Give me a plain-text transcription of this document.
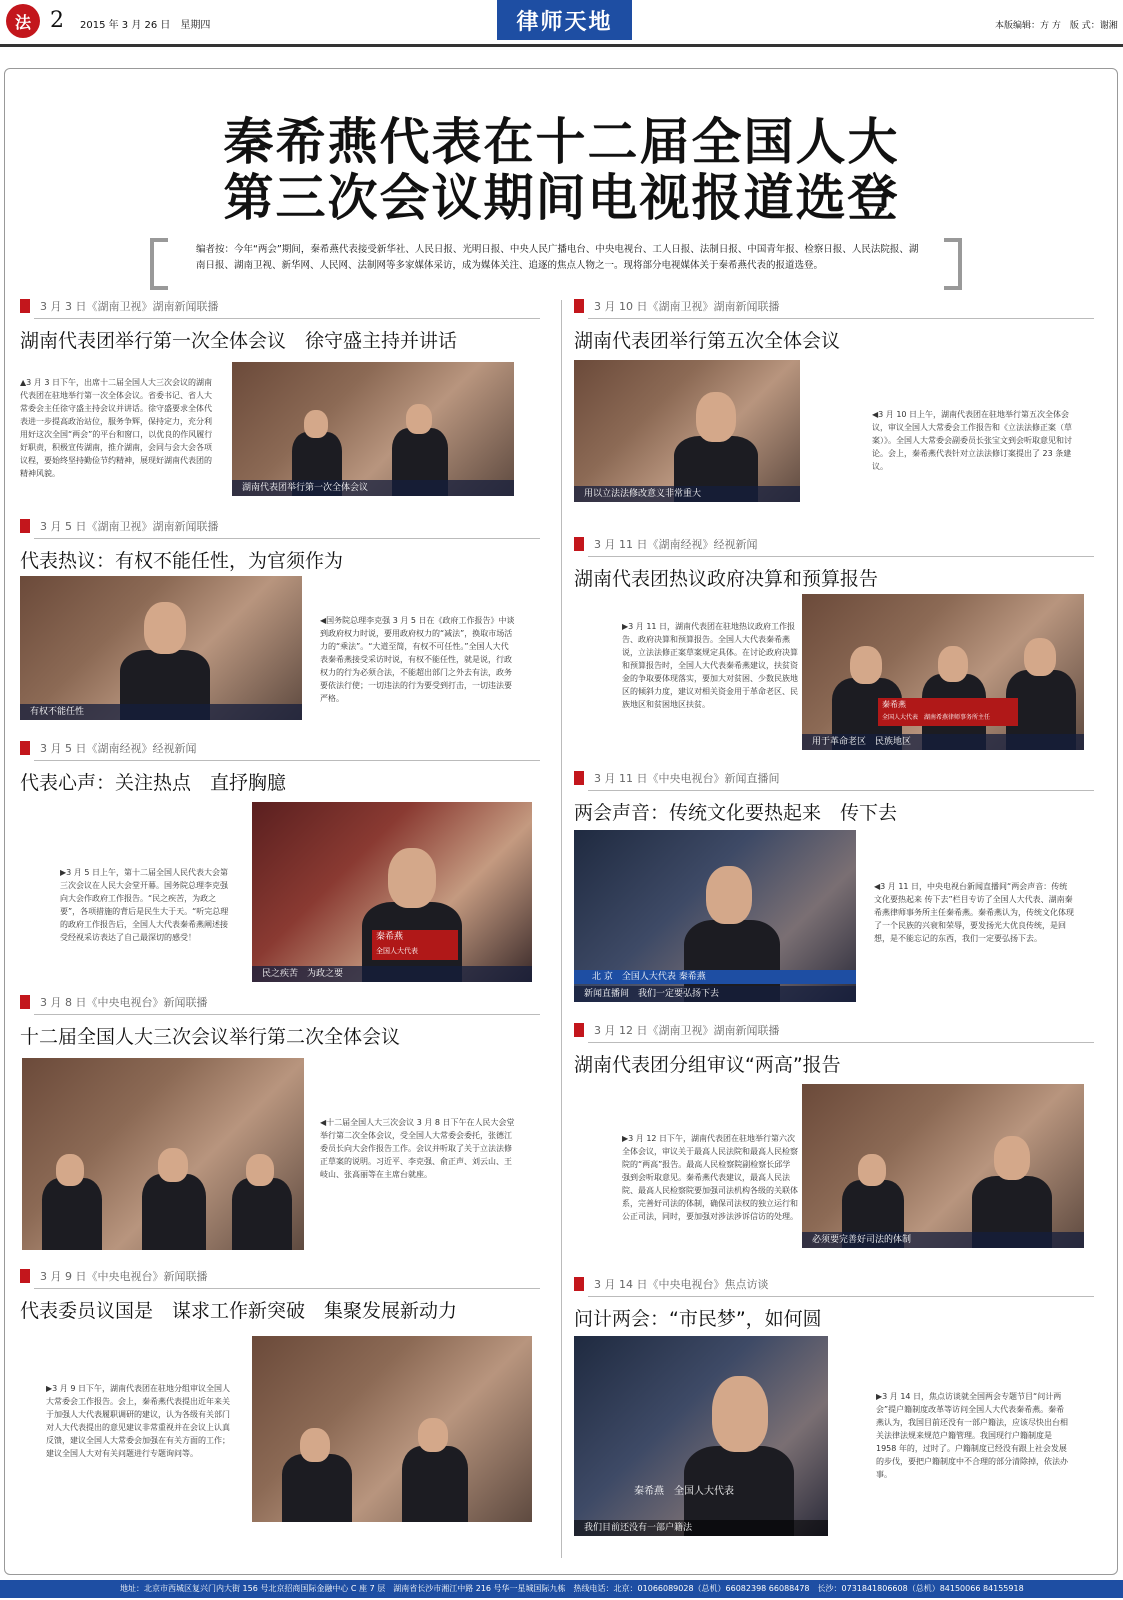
法 2 2015 年 3 月 26 日　星期四	律师天地	本版编辑：方 方　版 式：谢湘
秦希燕代表在十二届全国人大
第三次会议期间电视报道选登

编者按：今年“两会”期间，秦希燕代表接受新华社、人民日报、光明日报、中央人民广播电台、中央电视台、工人日报、法制日报、中国青年报、检察日报、人民法院报、湖南日报、湖南卫视、新华网、人民网、法制网等多家媒体采访，成为媒体关注、追逐的焦点人物之一。现将部分电视媒体关于秦希燕代表的报道选登。

3 月 3 日《湖南卫视》湖南新闻联播
湖南代表团举行第一次全体会议　徐守盛主持并讲话
▲3 月 3 日下午，出席十二届全国人大三次会议的湖南代表团在驻地举行第一次全体会议。省委书记、省人大常委会主任徐守盛主持会议并讲话。徐守盛要求全体代表进一步提高政治站位，服务争辉，保持定力，充分利用好这次全国“两会”的平台和窗口，以优良的作风履行好职责，积极宣传湖南，推介湖南，会同与会大会各项议程，要始终坚持勤俭节约精神，展现好湖南代表团的精神风貌。
湖南代表团举行第一次全体会议
3 月 5 日《湖南卫视》湖南新闻联播
代表热议：有权不能任性，为官须作为
有权不能任性
◀国务院总理李克强 3 月 5 日在《政府工作报告》中谈到政府权力时说，要用政府权力的“减法”，换取市场活力的“乘法”。“大道至简，有权不可任性。”全国人大代表秦希燕接受采访时说，有权不能任性，就是说，行政权力的行为必须合法，不能超出部门之外去有法，政务要依法行使；一切违法的行为要受到打击，一切违法要严格。
3 月 5 日《湖南经视》经视新闻
代表心声：关注热点　直抒胸臆
▶3 月 5 日上午，第十二届全国人民代表大会第三次会议在人民大会堂开幕。国务院总理李克强向大会作政府工作报告。“民之疾苦，为政之要”，各项措施的背后是民生大于天。“听完总理的政府工作报告后，全国人大代表秦希燕阐述接受经视采访表达了自己最深切的感受！	秦希燕
全国人大代表
民之疾苦　为政之要
3 月 8 日《中央电视台》新闻联播
十二届全国人大三次会议举行第二次全体会议
◀十二届全国人大三次会议 3 月 8 日下午在人民大会堂举行第二次全体会议，受全国人大常委会委托，张德江委员长向大会作报告工作。会议并听取了关于立法法修正草案的说明。习近平、李克强、俞正声、刘云山、王岐山、张高丽等在主席台就座。
3 月 9 日《中央电视台》新闻联播
代表委员议国是　谋求工作新突破　集聚发展新动力
▶3 月 9 日下午，湖南代表团在驻地分组审议全国人大常委会工作报告。会上，秦希燕代表提出近年来关于加强人大代表履职调研的建议，认为各级有关部门对人大代表提出的意见建议非常重视并在会议上认真反馈，建议全国人大常委会加强在有关方面的工作；建议全国人大对有关问题进行专题询问等。
3 月 10 日《湖南卫视》湖南新闻联播
湖南代表团举行第五次全体会议
用以立法法修改意义非常重大
◀3 月 10 日上午，湖南代表团在驻地举行第五次全体会议，审议全国人大常委会工作报告和《立法法修正案（草案）》。全国人大常委会副委员长张宝文到会听取意见和讨论。会上，秦希燕代表针对立法法修订案提出了 23 条建议。
3 月 11 日《湖南经视》经视新闻
湖南代表团热议政府决算和预算报告
▶3 月 11 日，湖南代表团在驻地热议政府工作报告、政府决算和预算报告。全国人大代表秦希燕说，立法法修正案草案规定具体。在讨论政府决算和预算报告时，全国人大代表秦希燕建议，扶贫资金的争取要体现落实，要加大对贫困、少数民族地区的倾斜力度，建议对相关资金用于革命老区、民族地区和贫困地区扶贫。	秦希燕
全国人大代表　湖南希燕律师事务所主任
用于革命老区　民族地区
3 月 11 日《中央电视台》新闻直播间
两会声音：传统文化要热起来　传下去
北 京　全国人大代表 秦希燕
新闻直播间　我们一定要弘扬下去
◀3 月 11 日，中央电视台新闻直播间“两会声音：传统文化要热起来 传下去”栏目专访了全国人大代表、湖南秦希燕律师事务所主任秦希燕。秦希燕认为，传统文化体现了一个民族的兴衰和荣辱，要发扬光大优良传统，是回想，是不能忘记的东西，我们一定要弘扬下去。
3 月 12 日《湖南卫视》湖南新闻联播
湖南代表团分组审议“两高”报告
▶3 月 12 日下午，湖南代表团在驻地举行第六次全体会议，审议关于最高人民法院和最高人民检察院的“两高”报告。最高人民检察院副检察长邱学强到会听取意见。秦希燕代表建议，最高人民法院、最高人民检察院要加强司法机构各级的关联体系，完善好司法的体制，确保司法权的独立运行和公正司法，同时，要加强对涉法涉诉信访的处理。
必须要完善好司法的体制
3 月 14 日《中央电视台》焦点访谈
问计两会：“市民梦”，如何圆
秦希燕　全国人大代表
我们目前还没有一部户籍法
▶3 月 14 日，焦点访谈就全国两会专题节目“问计两会”提户籍制度改革等访问全国人大代表秦希燕。秦希燕认为，我国目前还没有一部户籍法，应该尽快出台相关法律法规来规范户籍管理。我国现行户籍制度是 1958 年的，过时了。户籍制度已经没有跟上社会发展的步伐，要把户籍制度中不合理的部分清除掉，依法办事。
地址：北京市西城区复兴门内大街 156 号北京招商国际金融中心 C 座 7 层　湖南省长沙市湘江中路 216 号华一星城国际九栋　热线电话：北京：01066089028（总机）66082398 66088478　长沙：0731841806608（总机）84150066 84155918
